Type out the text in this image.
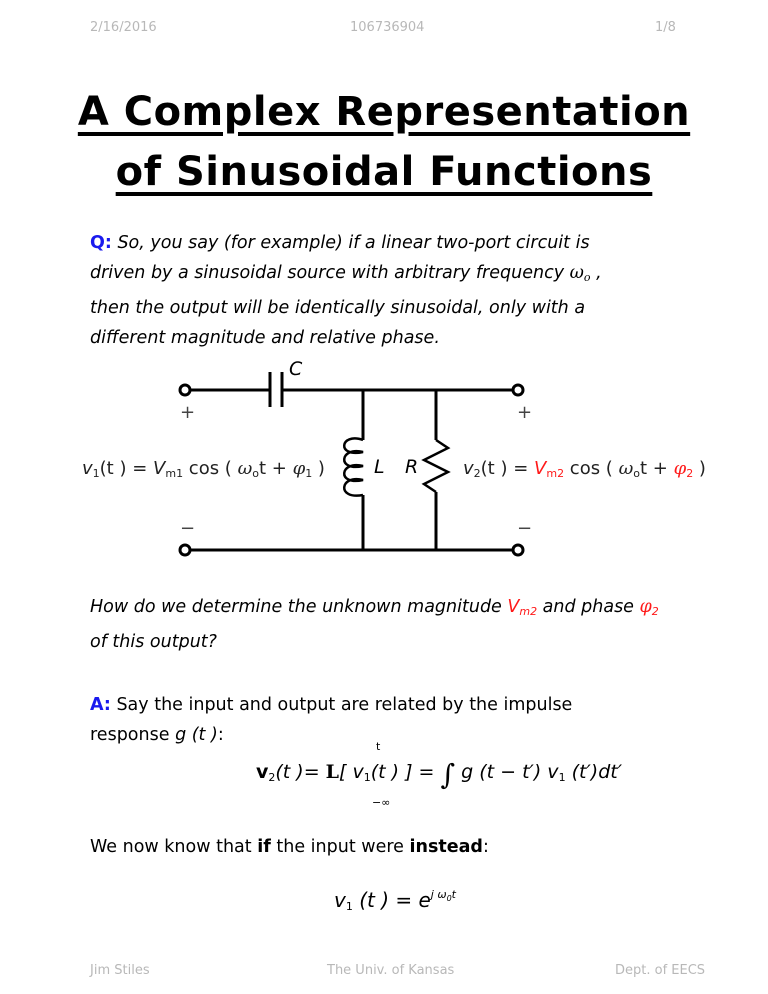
2/16/2016	106736904	1/8
A Complex Representation
of Sinusoidal Functions
Q: So, you say (for example) if a linear two-port circuit is
driven by a sinusoidal source with arbitrary frequency $\omega_o$ ,
then the output will be identically sinusoidal, only with a
different magnitude and relative phase.
C
L R
+	+
−	−
$v_1(t$ ) = $V_{m1}$ cos ( $\omega_ot + \varphi_1$ )	$v_2(t$ ) = $V_{m2}$ cos ( $\omega_ot + \varphi_2$ )
How do we determine the unknown magnitude $V_{m2}$ and phase $\varphi_2$
of this output?
A: Say the input and output are related by the impulse
response g (t ):
$v_2(t$ )= L[ $v_1(t$ ) ] = ∫ g (t − t′) $v_1$ (t′)dt′
t
−∞
We now know that if the input were instead:
$v_1$ (t ) = $e^{j \omega_0t}$
Jim Stiles	The Univ. of Kansas	Dept. of EECS
